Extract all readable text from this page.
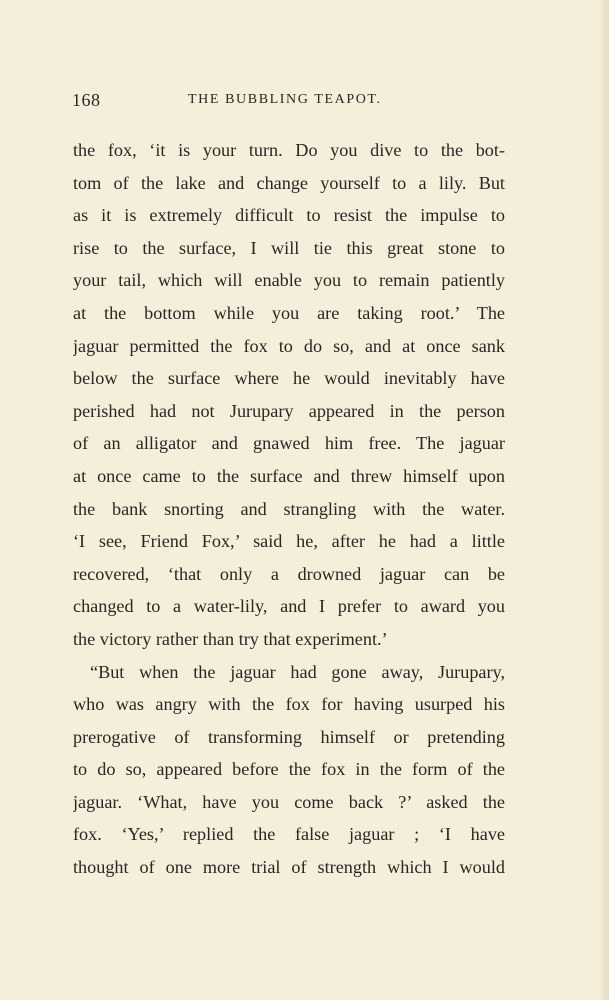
168	THE BUBBLING TEAPOT.
the fox, ‘it is your turn. Do you dive to the bot-
tom of the lake and change yourself to a lily. But
as it is extremely difficult to resist the impulse to
rise to the surface, I will tie this great stone to
your tail, which will enable you to remain patiently
at the bottom while you are taking root.’ The
jaguar permitted the fox to do so, and at once sank
below the surface where he would inevitably have
perished had not Jurupary appeared in the person
of an alligator and gnawed him free. The jaguar
at once came to the surface and threw himself upon
the bank snorting and strangling with the water.
‘I see, Friend Fox,’ said he, after he had a little
recovered, ‘that only a drowned jaguar can be
changed to a water-lily, and I prefer to award you
the victory rather than try that experiment.’
“But when the jaguar had gone away, Jurupary,
who was angry with the fox for having usurped his
prerogative of transforming himself or pretending
to do so, appeared before the fox in the form of the
jaguar. ‘What, have you come back ?’ asked the
fox. ‘Yes,’ replied the false jaguar ; ‘I have
thought of one more trial of strength which I would
